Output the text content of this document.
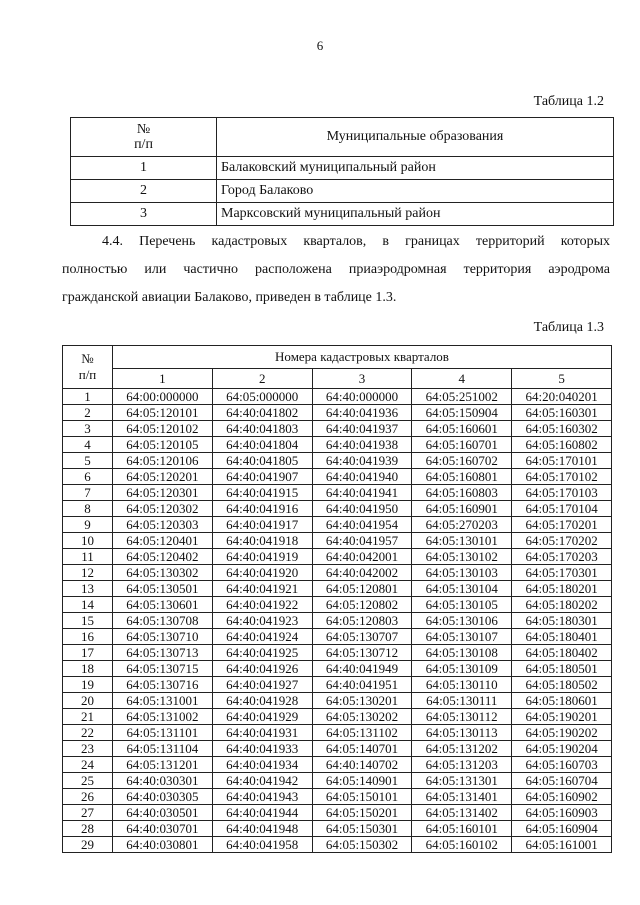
6
Таблица 1.2
№
п/п	Муниципальные образования
1	Балаковский муниципальный район
2	Город Балаково
3	Марксовский муниципальный район
4.4. Перечень кадастровых кварталов, в границах территорий которых
полностью или частично расположена приаэродромная территория аэродрома
гражданской авиации Балаково, приведен в таблице 1.3.
Таблица 1.3
№
п/п	Номера кадастровых кварталов				
	1	2	3	4	5
1	64:00:000000	64:05:000000	64:40:000000	64:05:251002	64:20:040201
2	64:05:120101	64:40:041802	64:40:041936	64:05:150904	64:05:160301
3	64:05:120102	64:40:041803	64:40:041937	64:05:160601	64:05:160302
4	64:05:120105	64:40:041804	64:40:041938	64:05:160701	64:05:160802
5	64:05:120106	64:40:041805	64:40:041939	64:05:160702	64:05:170101
6	64:05:120201	64:40:041907	64:40:041940	64:05:160801	64:05:170102
7	64:05:120301	64:40:041915	64:40:041941	64:05:160803	64:05:170103
8	64:05:120302	64:40:041916	64:40:041950	64:05:160901	64:05:170104
9	64:05:120303	64:40:041917	64:40:041954	64:05:270203	64:05:170201
10	64:05:120401	64:40:041918	64:40:041957	64:05:130101	64:05:170202
11	64:05:120402	64:40:041919	64:40:042001	64:05:130102	64:05:170203
12	64:05:130302	64:40:041920	64:40:042002	64:05:130103	64:05:170301
13	64:05:130501	64:40:041921	64:05:120801	64:05:130104	64:05:180201
14	64:05:130601	64:40:041922	64:05:120802	64:05:130105	64:05:180202
15	64:05:130708	64:40:041923	64:05:120803	64:05:130106	64:05:180301
16	64:05:130710	64:40:041924	64:05:130707	64:05:130107	64:05:180401
17	64:05:130713	64:40:041925	64:05:130712	64:05:130108	64:05:180402
18	64:05:130715	64:40:041926	64:40:041949	64:05:130109	64:05:180501
19	64:05:130716	64:40:041927	64:40:041951	64:05:130110	64:05:180502
20	64:05:131001	64:40:041928	64:05:130201	64:05:130111	64:05:180601
21	64:05:131002	64:40:041929	64:05:130202	64:05:130112	64:05:190201
22	64:05:131101	64:40:041931	64:05:131102	64:05:130113	64:05:190202
23	64:05:131104	64:40:041933	64:05:140701	64:05:131202	64:05:190204
24	64:05:131201	64:40:041934	64:40:140702	64:05:131203	64:05:160703
25	64:40:030301	64:40:041942	64:05:140901	64:05:131301	64:05:160704
26	64:40:030305	64:40:041943	64:05:150101	64:05:131401	64:05:160902
27	64:40:030501	64:40:041944	64:05:150201	64:05:131402	64:05:160903
28	64:40:030701	64:40:041948	64:05:150301	64:05:160101	64:05:160904
29	64:40:030801	64:40:041958	64:05:150302	64:05:160102	64:05:161001
